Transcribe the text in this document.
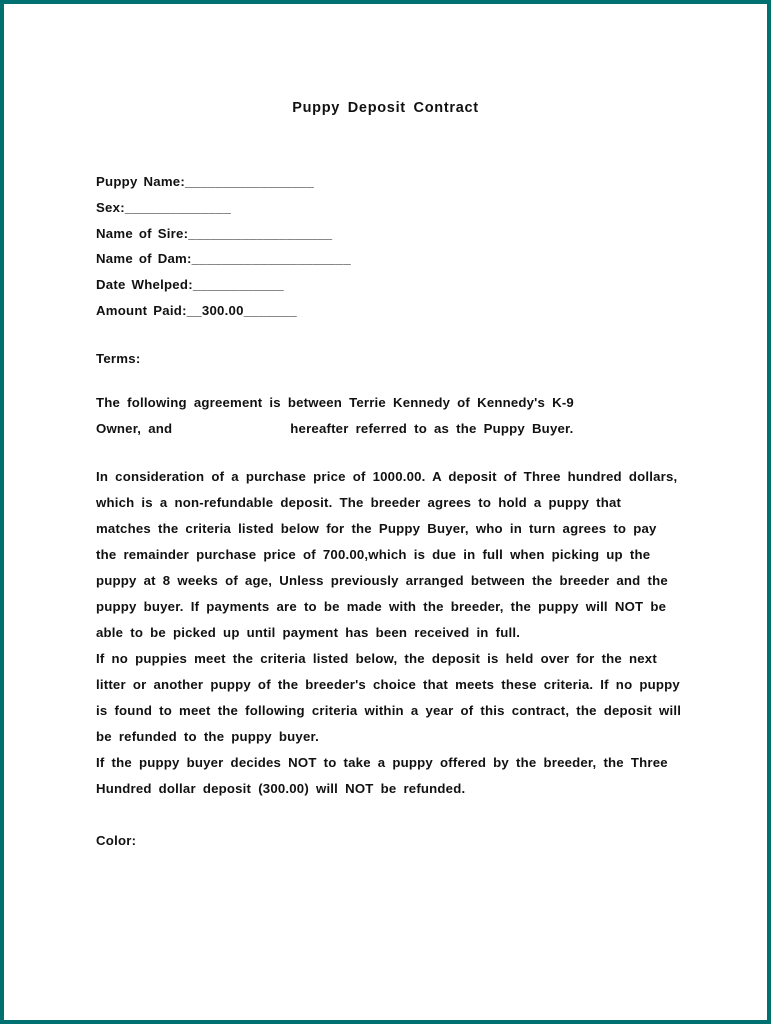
Puppy Deposit Contract
Puppy Name:_________________
Sex:______________
Name of Sire:___________________
Name of Dam:_____________________
Date Whelped:____________
Amount Paid:__300.00_______
Terms:
The following agreement is between Terrie Kennedy of Kennedy's K-9
Owner, and	hereafter referred to as the Puppy Buyer.
In consideration of a purchase price of 1000.00. A deposit of Three hundred dollars, which is a non-refundable deposit. The breeder agrees to hold a puppy that matches the criteria listed below for the Puppy Buyer, who in turn agrees to pay the remainder purchase price of 700.00,which is due in full when picking up the puppy at 8 weeks of age, Unless previously arranged between the breeder and the puppy buyer. If payments are to be made with the breeder, the puppy will NOT be able to be picked up until payment has been received in full.
If no puppies meet the criteria listed below, the deposit is held over for the next litter or another puppy of the breeder's choice that meets these criteria. If no puppy is found to meet the following criteria within a year of this contract, the deposit will be refunded to the puppy buyer.
If the puppy buyer decides NOT to take a puppy offered by the breeder, the Three Hundred dollar deposit (300.00) will NOT be refunded.
Color:
